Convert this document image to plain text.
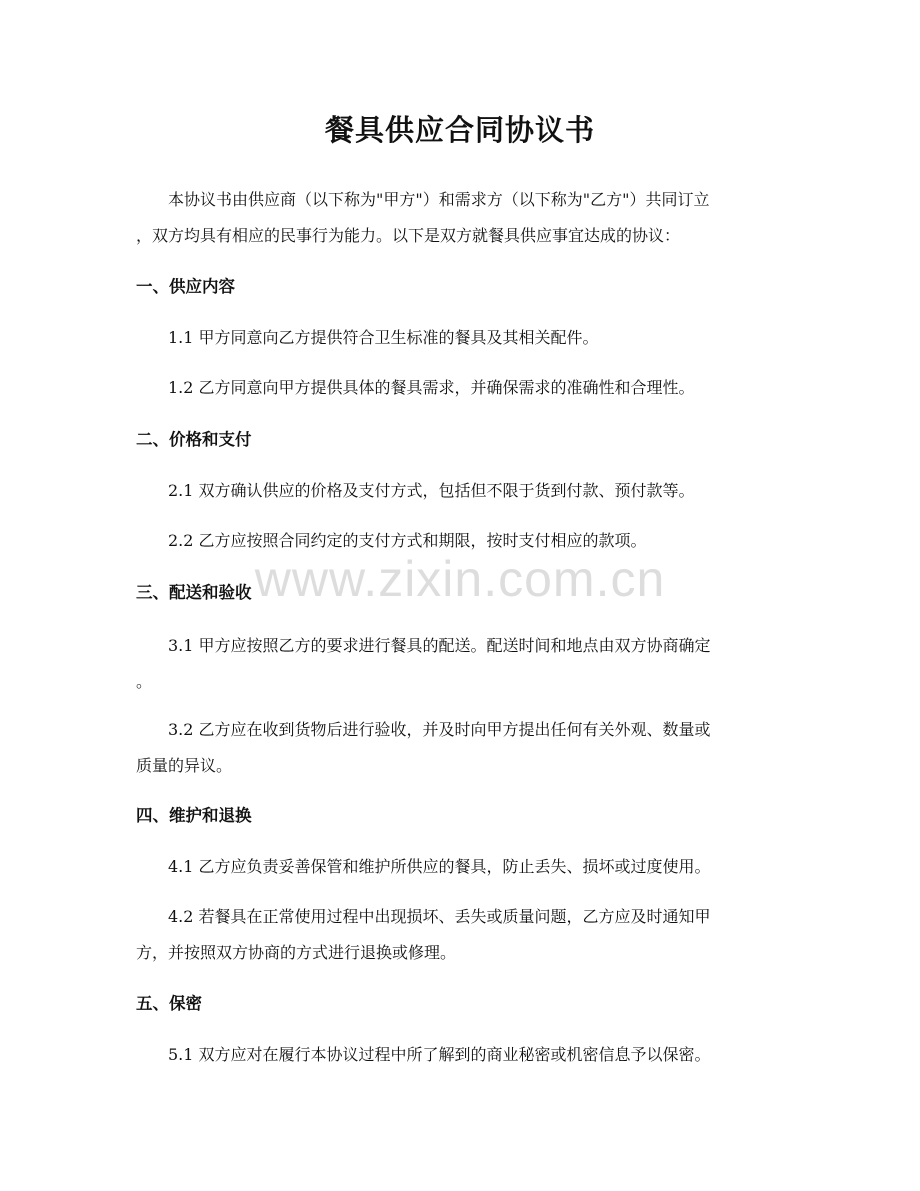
餐具供应合同协议书
本协议书由供应商（以下称为"甲方"）和需求方（以下称为"乙方"）共同订立
，双方均具有相应的民事行为能力。以下是双方就餐具供应事宜达成的协议：
一、供应内容
1.1 甲方同意向乙方提供符合卫生标准的餐具及其相关配件。
1.2 乙方同意向甲方提供具体的餐具需求，并确保需求的准确性和合理性。
二、价格和支付
2.1 双方确认供应的价格及支付方式，包括但不限于货到付款、预付款等。
2.2 乙方应按照合同约定的支付方式和期限，按时支付相应的款项。
三、配送和验收
3.1 甲方应按照乙方的要求进行餐具的配送。配送时间和地点由双方协商确定
。
3.2 乙方应在收到货物后进行验收，并及时向甲方提出任何有关外观、数量或
质量的异议。
四、维护和退换
4.1 乙方应负责妥善保管和维护所供应的餐具，防止丢失、损坏或过度使用。
4.2 若餐具在正常使用过程中出现损坏、丢失或质量问题，乙方应及时通知甲
方，并按照双方协商的方式进行退换或修理。
五、保密
5.1 双方应对在履行本协议过程中所了解到的商业秘密或机密信息予以保密。
www.zixin.com.cn
